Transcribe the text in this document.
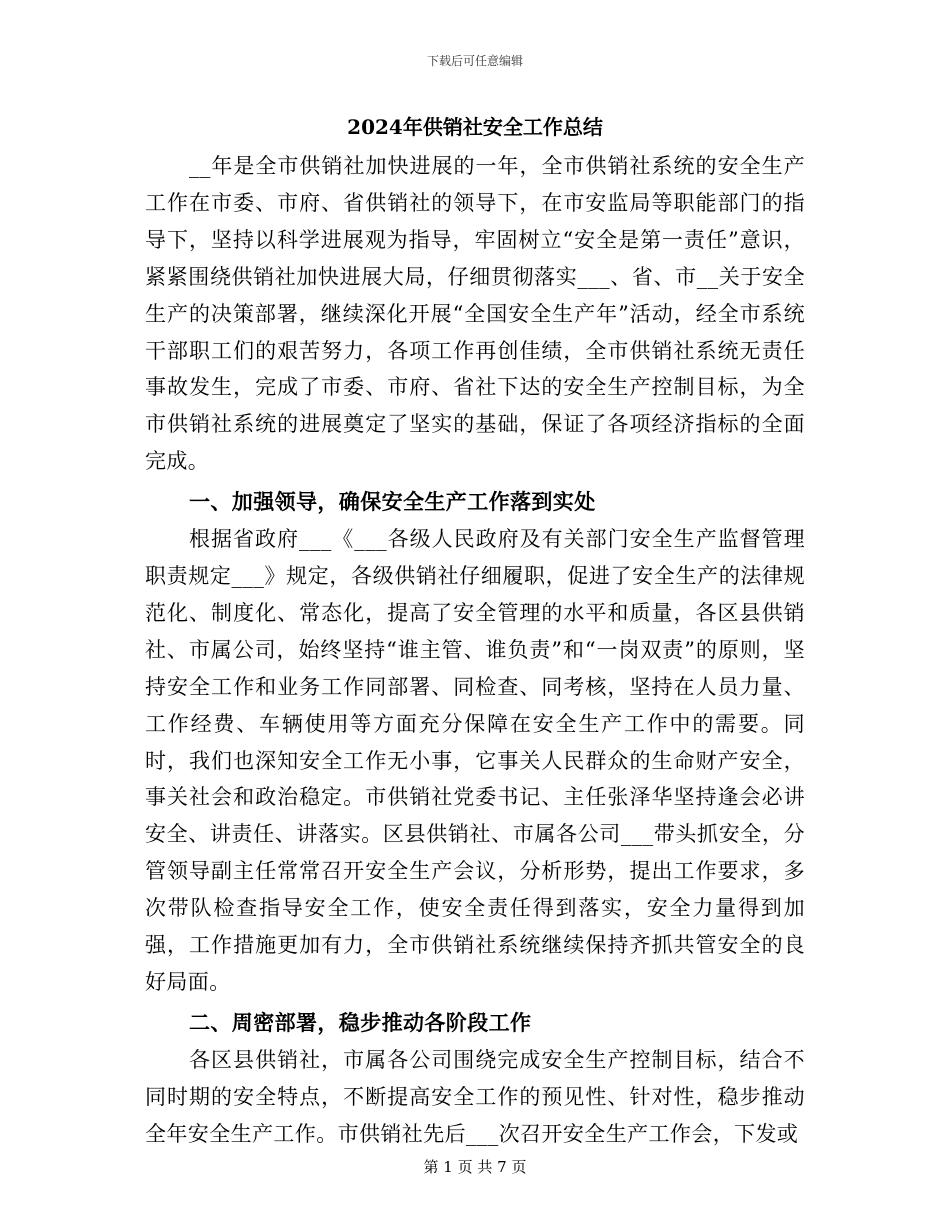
下载后可任意编辑
2024年供销社安全工作总结

__年是全市供销社加快进展的一年，全市供销社系统的安全生产工作在市委、市府、省供销社的领导下，在市安监局等职能部门的指导下，坚持以科学进展观为指导，牢固树立“安全是第一责任”意识，紧紧围绕供销社加快进展大局，仔细贯彻落实___、省、市__关于安全生产的决策部署，继续深化开展“全国安全生产年”活动，经全市系统干部职工们的艰苦努力，各项工作再创佳绩，全市供销社系统无责任事故发生，完成了市委、市府、省社下达的安全生产控制目标，为全市供销社系统的进展奠定了坚实的基础，保证了各项经济指标的全面完成。

一、加强领导，确保安全生产工作落到实处

根据省政府___《___各级人民政府及有关部门安全生产监督管理职责规定___》规定，各级供销社仔细履职，促进了安全生产的法律规范化、制度化、常态化，提高了安全管理的水平和质量，各区县供销社、市属公司，始终坚持“谁主管、谁负责”和“一岗双责”的原则，坚持安全工作和业务工作同部署、同检查、同考核，坚持在人员力量、工作经费、车辆使用等方面充分保障在安全生产工作中的需要。同时，我们也深知安全工作无小事，它事关人民群众的生命财产安全，事关社会和政治稳定。市供销社党委书记、主任张泽华坚持逢会必讲安全、讲责任、讲落实。区县供销社、市属各公司___带头抓安全，分管领导副主任常常召开安全生产会议，分析形势，提出工作要求，多次带队检查指导安全工作，使安全责任得到落实，安全力量得到加强，工作措施更加有力，全市供销社系统继续保持齐抓共管安全的良好局面。

二、周密部署，稳步推动各阶段工作

各区县供销社，市属各公司围绕完成安全生产控制目标，结合不同时期的安全特点，不断提高安全工作的预见性、针对性，稳步推动全年安全生产工作。市供销社先后___次召开安全生产工作会，下发或

第 1 页 共 7 页
